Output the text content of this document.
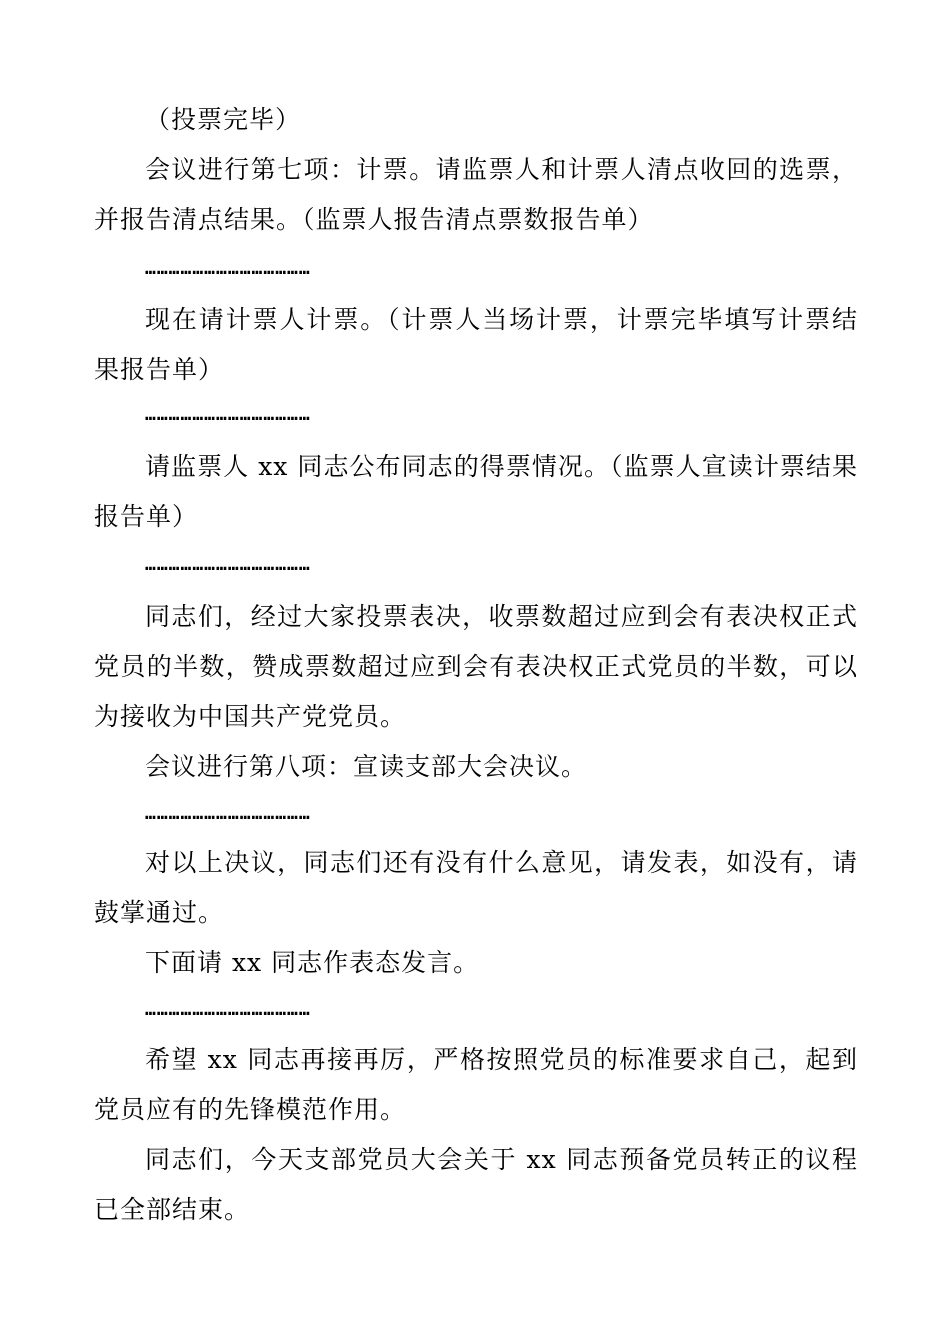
（投票完毕）

会议进行第七项：计票。请监票人和计票人清点收回的选票，并报告清点结果。（监票人报告清点票数报告单）

……………………………………

现在请计票人计票。（计票人当场计票，计票完毕填写计票结果报告单）

……………………………………

请监票人 xx 同志公布同志的得票情况。（监票人宣读计票结果报告单）

……………………………………

同志们，经过大家投票表决，收票数超过应到会有表决权正式党员的半数，赞成票数超过应到会有表决权正式党员的半数，可以为接收为中国共产党党员。

会议进行第八项：宣读支部大会决议。

……………………………………

对以上决议，同志们还有没有什么意见，请发表，如没有，请鼓掌通过。

下面请 xx 同志作表态发言。

……………………………………

希望 xx 同志再接再厉，严格按照党员的标准要求自己，起到党员应有的先锋模范作用。

同志们，今天支部党员大会关于 xx 同志预备党员转正的议程已全部结束。
